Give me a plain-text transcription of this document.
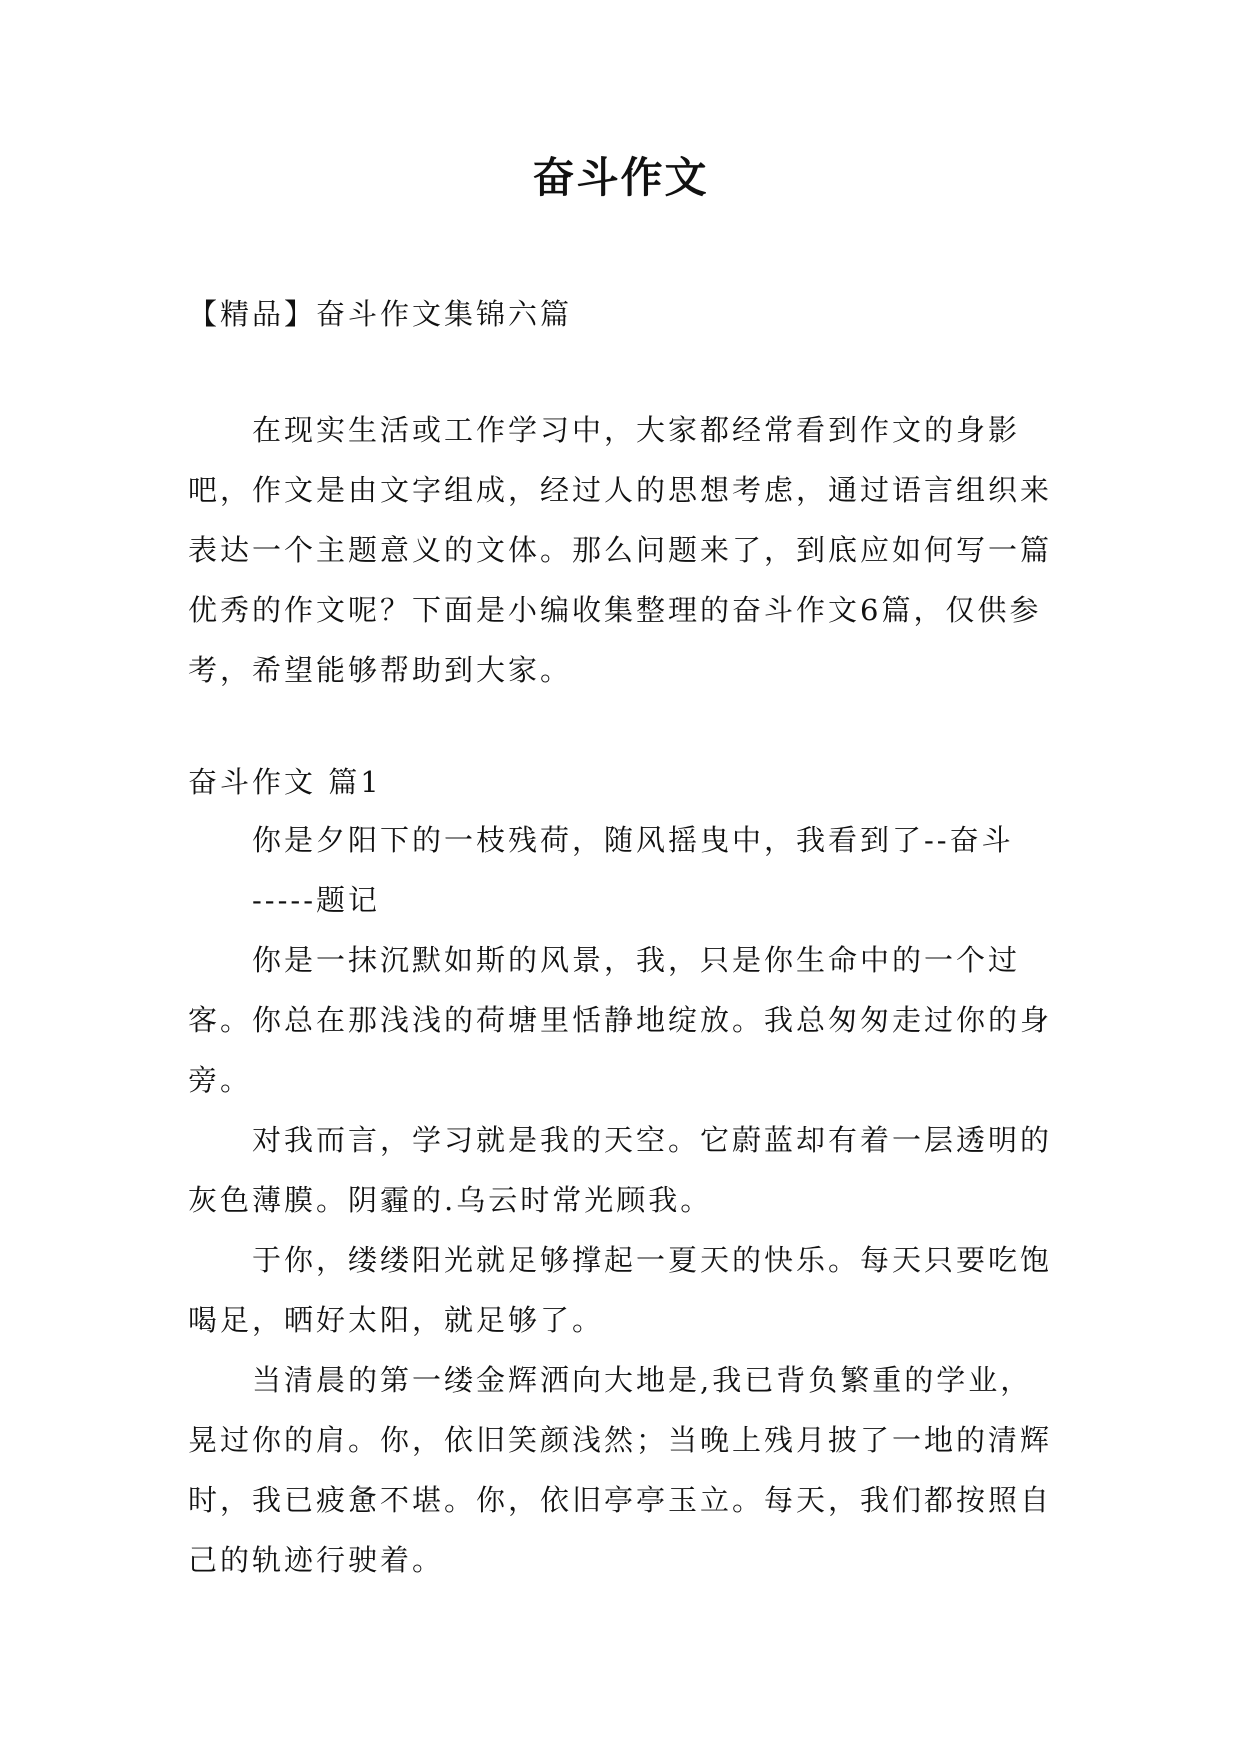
奋斗作文
【精品】奋斗作文集锦六篇

在现实生活或工作学习中，大家都经常看到作文的身影吧，作文是由文字组成，经过人的思想考虑，通过语言组织来表达一个主题意义的文体。那么问题来了，到底应如何写一篇优秀的作文呢？下面是小编收集整理的奋斗作文6篇，仅供参考，希望能够帮助到大家。

奋斗作文 篇1

你是夕阳下的一枝残荷，随风摇曳中，我看到了--奋斗

-----题记

你是一抹沉默如斯的风景，我，只是你生命中的一个过客。你总在那浅浅的荷塘里恬静地绽放。我总匆匆走过你的身旁。

对我而言，学习就是我的天空。它蔚蓝却有着一层透明的灰色薄膜。阴霾的.乌云时常光顾我。

于你，缕缕阳光就足够撑起一夏天的快乐。每天只要吃饱喝足，晒好太阳，就足够了。

当清晨的第一缕金辉洒向大地是,我已背负繁重的学业，晃过你的肩。你，依旧笑颜浅然；当晚上残月披了一地的清辉时，我已疲惫不堪。你，依旧亭亭玉立。每天，我们都按照自己的轨迹行驶着。
